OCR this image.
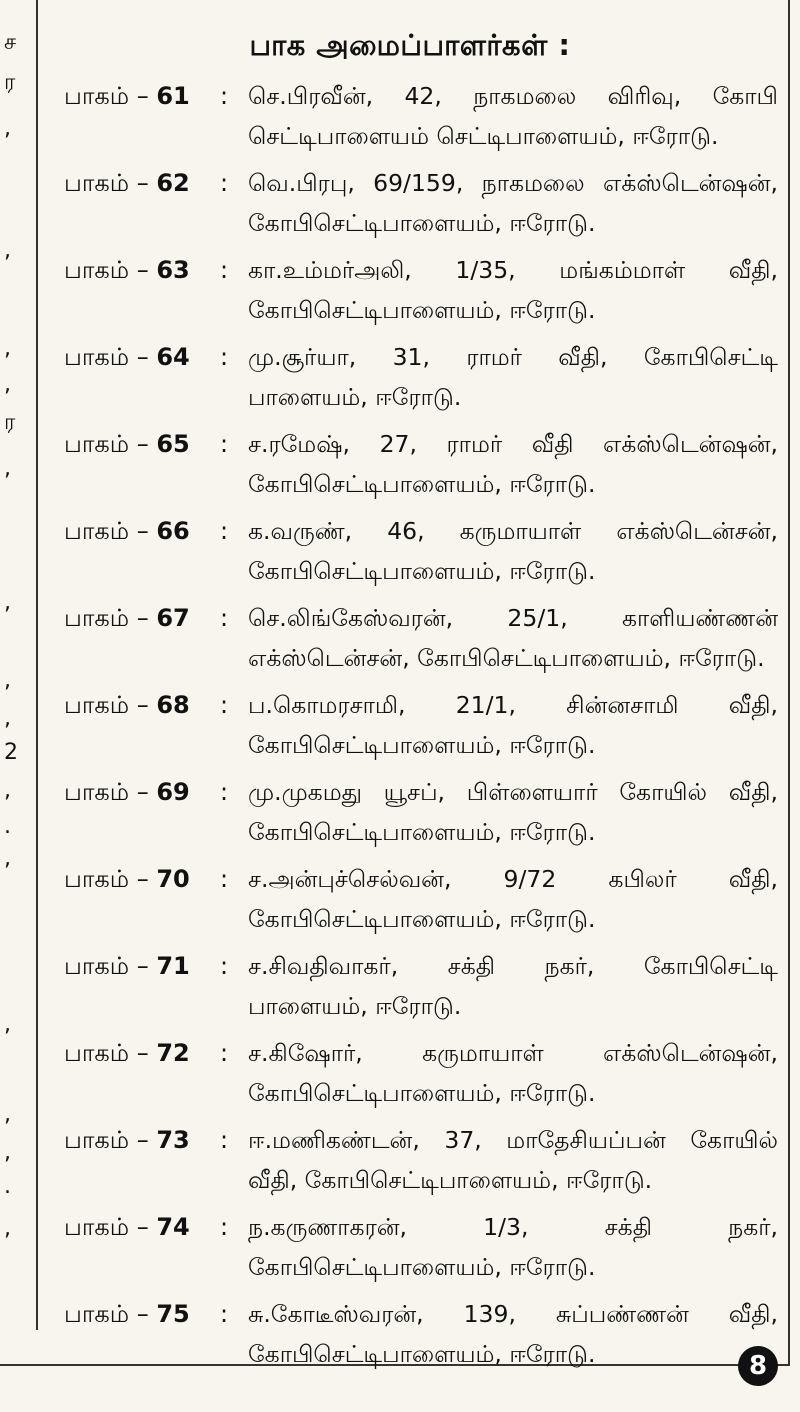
ச
ர
,
,
,
,
ர
,
,
,
,
2
,
.
,
,
,
,
.
,
பாக அமைப்பாளர்கள் :
பாகம் – 61	: செ.பிரவீன், 42, நாகமலை விரிவு, கோபி செட்டிபாளையம் செட்டிபாளையம், ஈரோடு.
பாகம் – 62	: வெ.பிரபு, 69/159, நாகமலை எக்ஸ்டென்ஷன், கோபிசெட்டிபாளையம், ஈரோடு.
பாகம் – 63	: கா.உம்மர்அலி, 1/35, மங்கம்மாள் வீதி, கோபிசெட்டிபாளையம், ஈரோடு.
பாகம் – 64	: மு.சூர்யா, 31, ராமர் வீதி, கோபிசெட்டி பாளையம், ஈரோடு.
பாகம் – 65	: ச.ரமேஷ், 27, ராமர் வீதி எக்ஸ்டென்ஷன், கோபிசெட்டிபாளையம், ஈரோடு.
பாகம் – 66	: க.வருண், 46, கருமாயாள் எக்ஸ்டென்சன், கோபிசெட்டிபாளையம், ஈரோடு.
பாகம் – 67	: செ.லிங்கேஸ்வரன், 25/1, காளியண்ணன் எக்ஸ்டென்சன், கோபிசெட்டிபாளையம், ஈரோடு.
பாகம் – 68	: ப.கொமரசாமி, 21/1, சின்னசாமி வீதி, கோபிசெட்டிபாளையம், ஈரோடு.
பாகம் – 69	: மு.முகமது யூசப், பிள்ளையார் கோயில் வீதி, கோபிசெட்டிபாளையம், ஈரோடு.
பாகம் – 70	: ச.அன்புச்செல்வன், 9/72 கபிலர் வீதி, கோபிசெட்டிபாளையம், ஈரோடு.
பாகம் – 71	: ச.சிவதிவாகர், சக்தி நகர், கோபிசெட்டி பாளையம், ஈரோடு.
பாகம் – 72	: ச.கிஷோர், கருமாயாள் எக்ஸ்டென்ஷன், கோபிசெட்டிபாளையம், ஈரோடு.
பாகம் – 73	: ஈ.மணிகண்டன், 37, மாதேசியப்பன் கோயில் வீதி, கோபிசெட்டிபாளையம், ஈரோடு.
பாகம் – 74	: ந.கருணாகரன், 1/3, சக்தி நகர், கோபிசெட்டிபாளையம், ஈரோடு.
பாகம் – 75	: சு.கோடீஸ்வரன், 139, சுப்பண்ணன் வீதி, கோபிசெட்டிபாளையம், ஈரோடு.	8
